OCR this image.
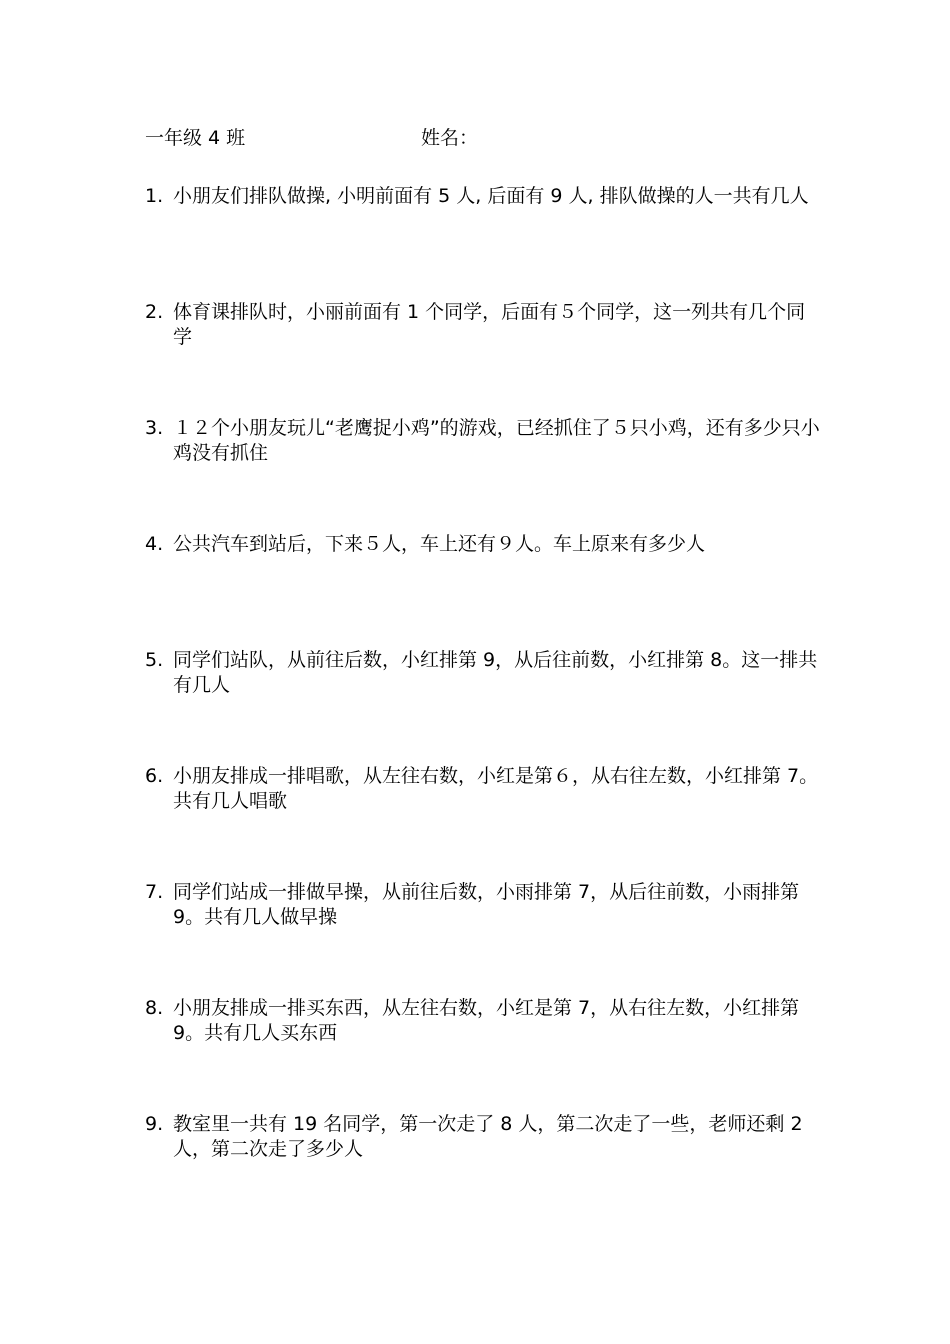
一年级 4 班	姓名：
1. 小朋友们排队做操, 小明前面有 5 人, 后面有 9 人, 排队做操的人一共有几人
2. 体育课排队时，小丽前面有 1 个同学，后面有５个同学，这一列共有几个同学
3. １２个小朋友玩儿“老鹰捉小鸡”的游戏，已经抓住了５只小鸡，还有多少只小鸡没有抓住
4. 公共汽车到站后，下来５人，车上还有９人。车上原来有多少人
5. 同学们站队，从前往后数，小红排第 9，从后往前数，小红排第 8。这一排共有几人
6. 小朋友排成一排唱歌，从左往右数，小红是第６，从右往左数，小红排第 7。共有几人唱歌
7. 同学们站成一排做早操，从前往后数，小雨排第 7，从后往前数，小雨排第 9。共有几人做早操
8. 小朋友排成一排买东西，从左往右数，小红是第 7，从右往左数，小红排第 9。共有几人买东西
9. 教室里一共有 19 名同学，第一次走了 8 人，第二次走了一些，老师还剩 2 人，第二次走了多少人
